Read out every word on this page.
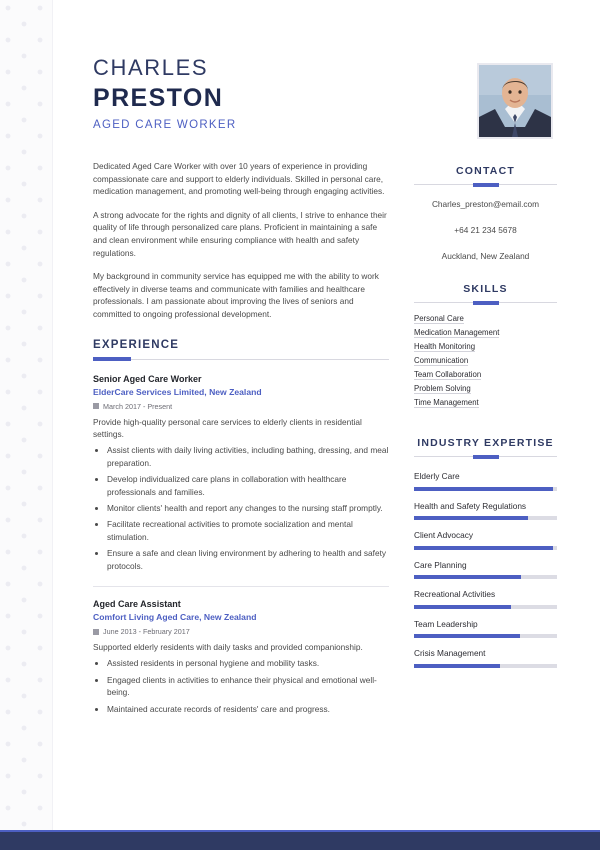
CHARLES
PRESTON
AGED CARE WORKER

Dedicated Aged Care Worker with over 10 years of experience in providing compassionate care and support to elderly individuals. Skilled in personal care, medication management, and promoting well-being through engaging activities.

A strong advocate for the rights and dignity of all clients, I strive to enhance their quality of life through personalized care plans. Proficient in maintaining a safe and clean environment while ensuring compliance with health and safety regulations.

My background in community service has equipped me with the ability to work effectively in diverse teams and communicate with families and healthcare professionals. I am passionate about improving the lives of seniors and committed to ongoing professional development.

EXPERIENCE
Senior Aged Care Worker
ElderCare Services Limited, New Zealand
March 2017 - Present

Provide high-quality personal care services to elderly clients in residential settings.

• Assist clients with daily living activities, including bathing, dressing, and meal preparation.
• Develop individualized care plans in collaboration with healthcare professionals and families.
• Monitor clients' health and report any changes to the nursing staff promptly.
• Facilitate recreational activities to promote socialization and mental stimulation.
• Ensure a safe and clean living environment by adhering to health and safety protocols.
Aged Care Assistant
Comfort Living Aged Care, New Zealand
June 2013 - February 2017

Supported elderly residents with daily tasks and provided companionship.

• Assisted residents in personal hygiene and mobility tasks.
• Engaged clients in activities to enhance their physical and emotional well-being.
• Maintained accurate records of residents' care and progress.
CONTACT
Charles_preston@email.com
+64 21 234 5678
Auckland, New Zealand
SKILLS
Personal Care
Medication Management
Health Monitoring
Communication
Team Collaboration
Problem Solving
Time Management
INDUSTRY EXPERTISE
Elderly Care
Health and Safety Regulations
Client Advocacy
Care Planning
Recreational Activities
Team Leadership
Crisis Management
